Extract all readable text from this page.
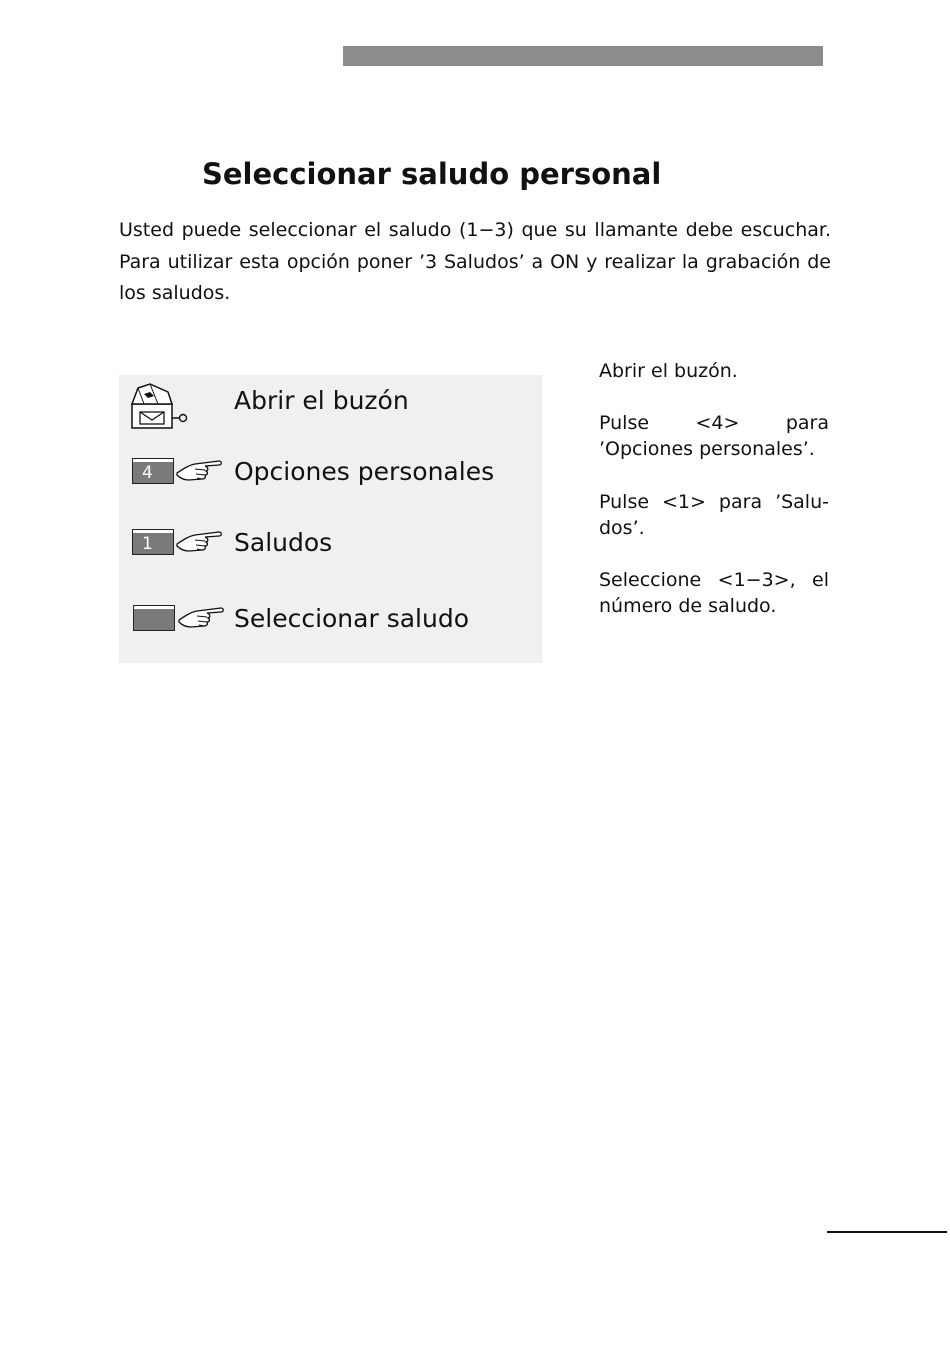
Seleccionar saludo personal

Usted puede seleccionar el saludo (1−3) que su llamante debe escuchar. Para utilizar esta opción poner ’3 Saludos’ a ON y realizar la grabación de los saludos.

Abrir el buzón
4	Opciones personales
1	Saludos
Seleccionar saludo
Abrir el buzón.
Pulse <4> para ’Opciones personales’.
Pulse <1> para ’Salu-dos’.
Seleccione <1−3>, el número de saludo.
